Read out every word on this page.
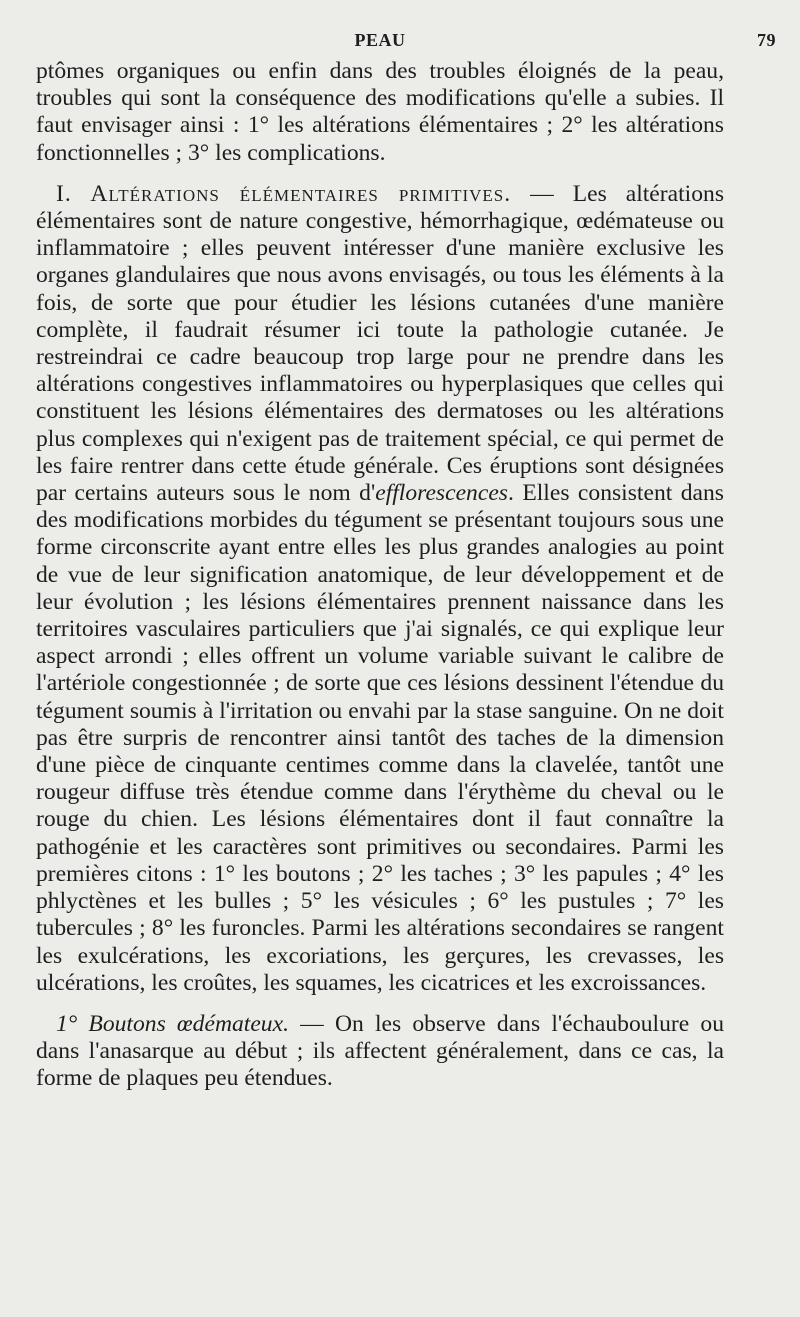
PEAU	79

ptômes organiques ou enfin dans des troubles éloignés de la peau, troubles qui sont la conséquence des modifications qu'elle a subies. Il faut envisager ainsi : 1° les altérations élémentaires ; 2° les altérations fonctionnelles ; 3° les complications.

I. Altérations élémentaires primitives. — Les altérations élémentaires sont de nature congestive, hémorrhagique, œdémateuse ou inflammatoire ; elles peuvent intéresser d'une manière exclusive les organes glandulaires que nous avons envisagés, ou tous les éléments à la fois, de sorte que pour étudier les lésions cutanées d'une manière complète, il faudrait résumer ici toute la pathologie cutanée. Je restreindrai ce cadre beaucoup trop large pour ne prendre dans les altérations congestives inflammatoires ou hyperplasiques que celles qui constituent les lésions élémentaires des dermatoses ou les altérations plus complexes qui n'exigent pas de traitement spécial, ce qui permet de les faire rentrer dans cette étude générale. Ces éruptions sont désignées par certains auteurs sous le nom d'efflorescences. Elles consistent dans des modifications morbides du tégument se présentant toujours sous une forme circonscrite ayant entre elles les plus grandes analogies au point de vue de leur signification anatomique, de leur développement et de leur évolution ; les lésions élémentaires prennent naissance dans les territoires vasculaires particuliers que j'ai signalés, ce qui explique leur aspect arrondi ; elles offrent un volume variable suivant le calibre de l'artériole congestionnée ; de sorte que ces lésions dessinent l'étendue du tégument soumis à l'irritation ou envahi par la stase sanguine. On ne doit pas être surpris de rencontrer ainsi tantôt des taches de la dimension d'une pièce de cinquante centimes comme dans la clavelée, tantôt une rougeur diffuse très étendue comme dans l'érythème du cheval ou le rouge du chien. Les lésions élémentaires dont il faut connaître la pathogénie et les caractères sont primitives ou secondaires. Parmi les premières citons : 1° les boutons ; 2° les taches ; 3° les papules ; 4° les phlyctènes et les bulles ; 5° les vésicules ; 6° les pustules ; 7° les tubercules ; 8° les furoncles. Parmi les altérations secondaires se rangent les exulcérations, les excoriations, les gerçures, les crevasses, les ulcérations, les croûtes, les squames, les cicatrices et les excroissances.

1° Boutons œdémateux. — On les observe dans l'échauboulure ou dans l'anasarque au début ; ils affectent généralement, dans ce cas, la forme de plaques peu étendues.
